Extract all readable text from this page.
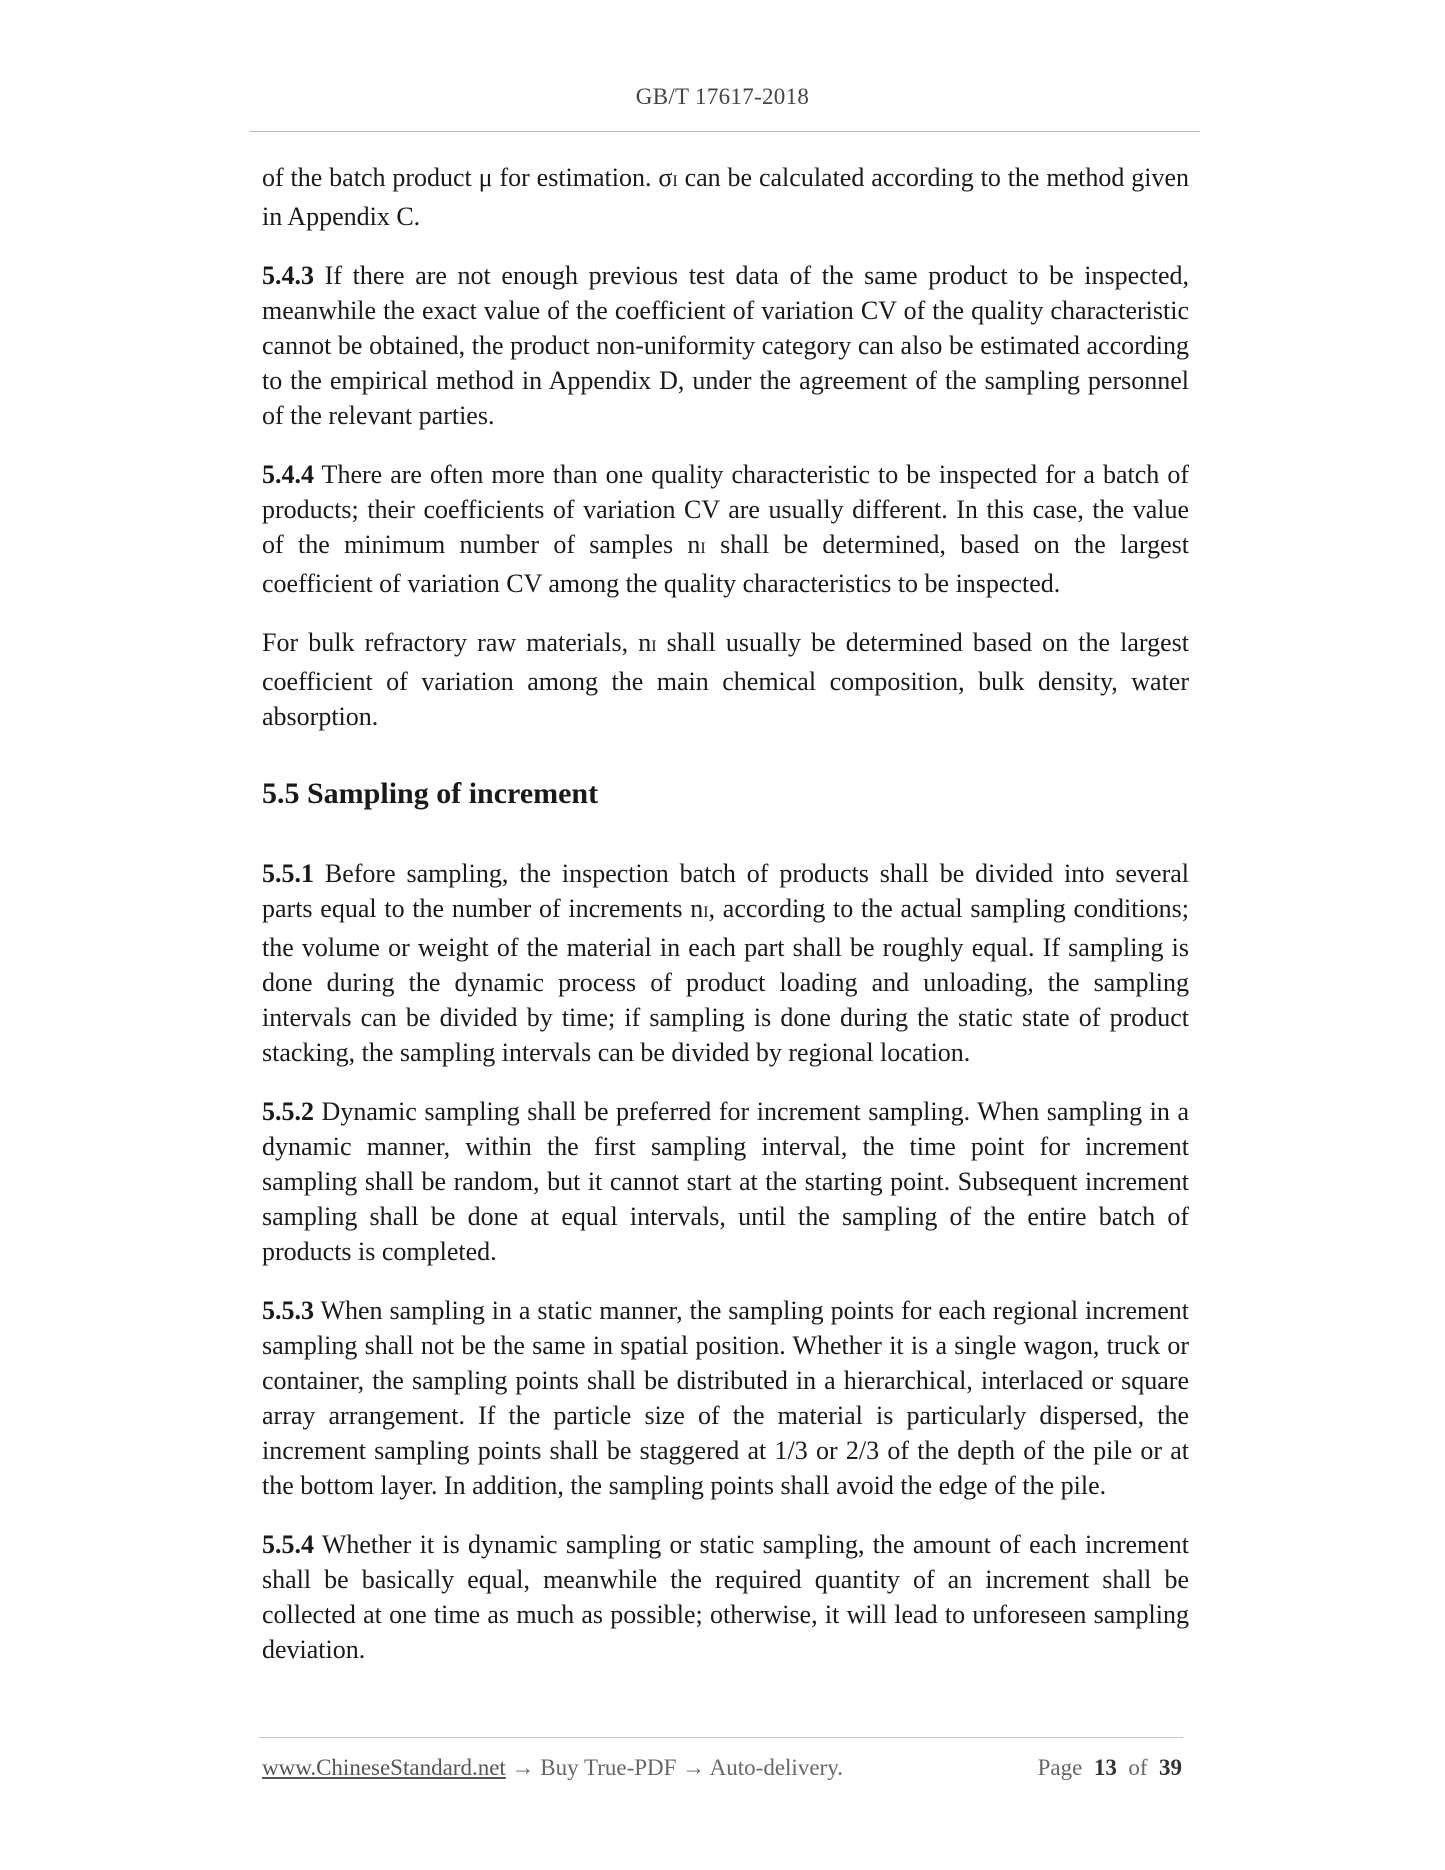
GB/T 17617-2018

of the batch product μ for estimation. σI can be calculated according to the method given in Appendix C.

5.4.3 If there are not enough previous test data of the same product to be inspected, meanwhile the exact value of the coefficient of variation CV of the quality characteristic cannot be obtained, the product non-uniformity category can also be estimated according to the empirical method in Appendix D, under the agreement of the sampling personnel of the relevant parties.

5.4.4 There are often more than one quality characteristic to be inspected for a batch of products; their coefficients of variation CV are usually different. In this case, the value of the minimum number of samples nI shall be determined, based on the largest coefficient of variation CV among the quality characteristics to be inspected.

For bulk refractory raw materials, nI shall usually be determined based on the largest coefficient of variation among the main chemical composition, bulk density, water absorption.

5.5 Sampling of increment

5.5.1 Before sampling, the inspection batch of products shall be divided into several parts equal to the number of increments nI, according to the actual sampling conditions; the volume or weight of the material in each part shall be roughly equal. If sampling is done during the dynamic process of product loading and unloading, the sampling intervals can be divided by time; if sampling is done during the static state of product stacking, the sampling intervals can be divided by regional location.

5.5.2 Dynamic sampling shall be preferred for increment sampling. When sampling in a dynamic manner, within the first sampling interval, the time point for increment sampling shall be random, but it cannot start at the starting point. Subsequent increment sampling shall be done at equal intervals, until the sampling of the entire batch of products is completed.

5.5.3 When sampling in a static manner, the sampling points for each regional increment sampling shall not be the same in spatial position. Whether it is a single wagon, truck or container, the sampling points shall be distributed in a hierarchical, interlaced or square array arrangement. If the particle size of the material is particularly dispersed, the increment sampling points shall be staggered at 1/3 or 2/3 of the depth of the pile or at the bottom layer. In addition, the sampling points shall avoid the edge of the pile.

5.5.4 Whether it is dynamic sampling or static sampling, the amount of each increment shall be basically equal, meanwhile the required quantity of an increment shall be collected at one time as much as possible; otherwise, it will lead to unforeseen sampling deviation.

www.ChineseStandard.net → Buy True-PDF → Auto-delivery.	Page 13 of 39
